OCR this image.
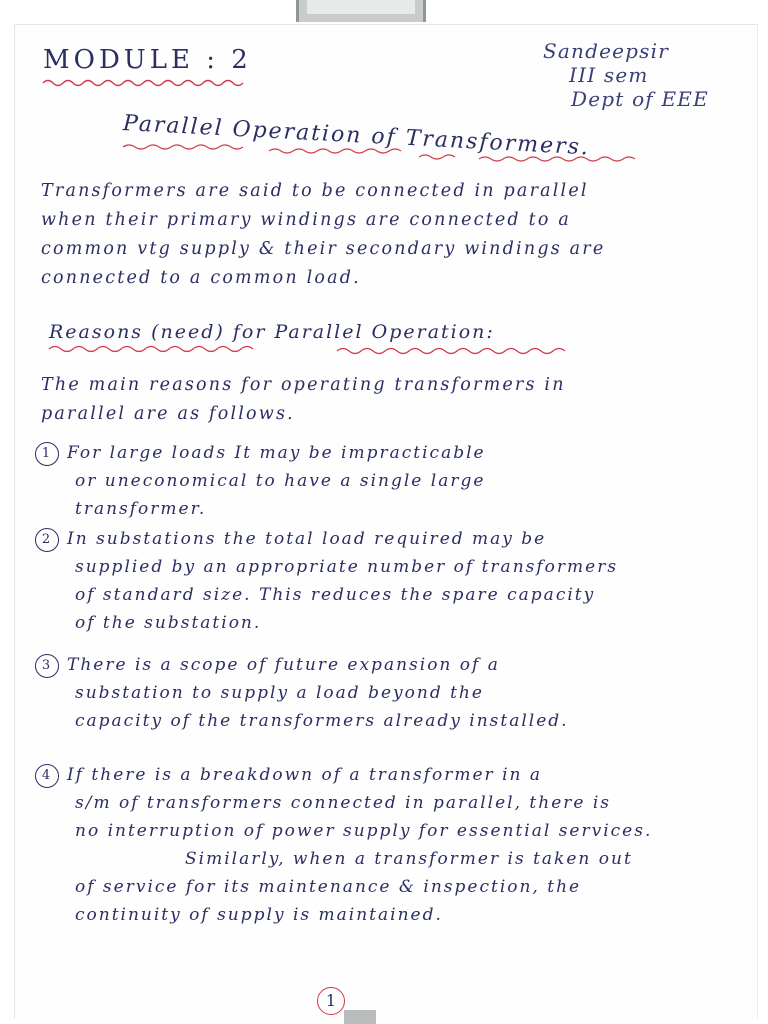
MODULE : 2	Sandeepsir
III sem
Dept of EEE
Parallel Operation of Transformers.
Transformers are said to be connected in parallel
when their primary windings are connected to a
common vtg supply & their secondary windings are
connected to a common load.
Reasons (need) for Parallel Operation:
The main reasons for operating transformers in
parallel are as follows.
1 For large loads It may be impracticable
or uneconomical to have a single large
transformer.
2 In substations the total load required may be
supplied by an appropriate number of transformers
of standard size. This reduces the spare capacity
of the substation.
3 There is a scope of future expansion of a
substation to supply a load beyond the
capacity of the transformers already installed.
4 If there is a breakdown of a transformer in a
s/m of transformers connected in parallel, there is
no interruption of power supply for essential services.
Similarly, when a transformer is taken out
of service for its maintenance & inspection, the
continuity of supply is maintained.
1
